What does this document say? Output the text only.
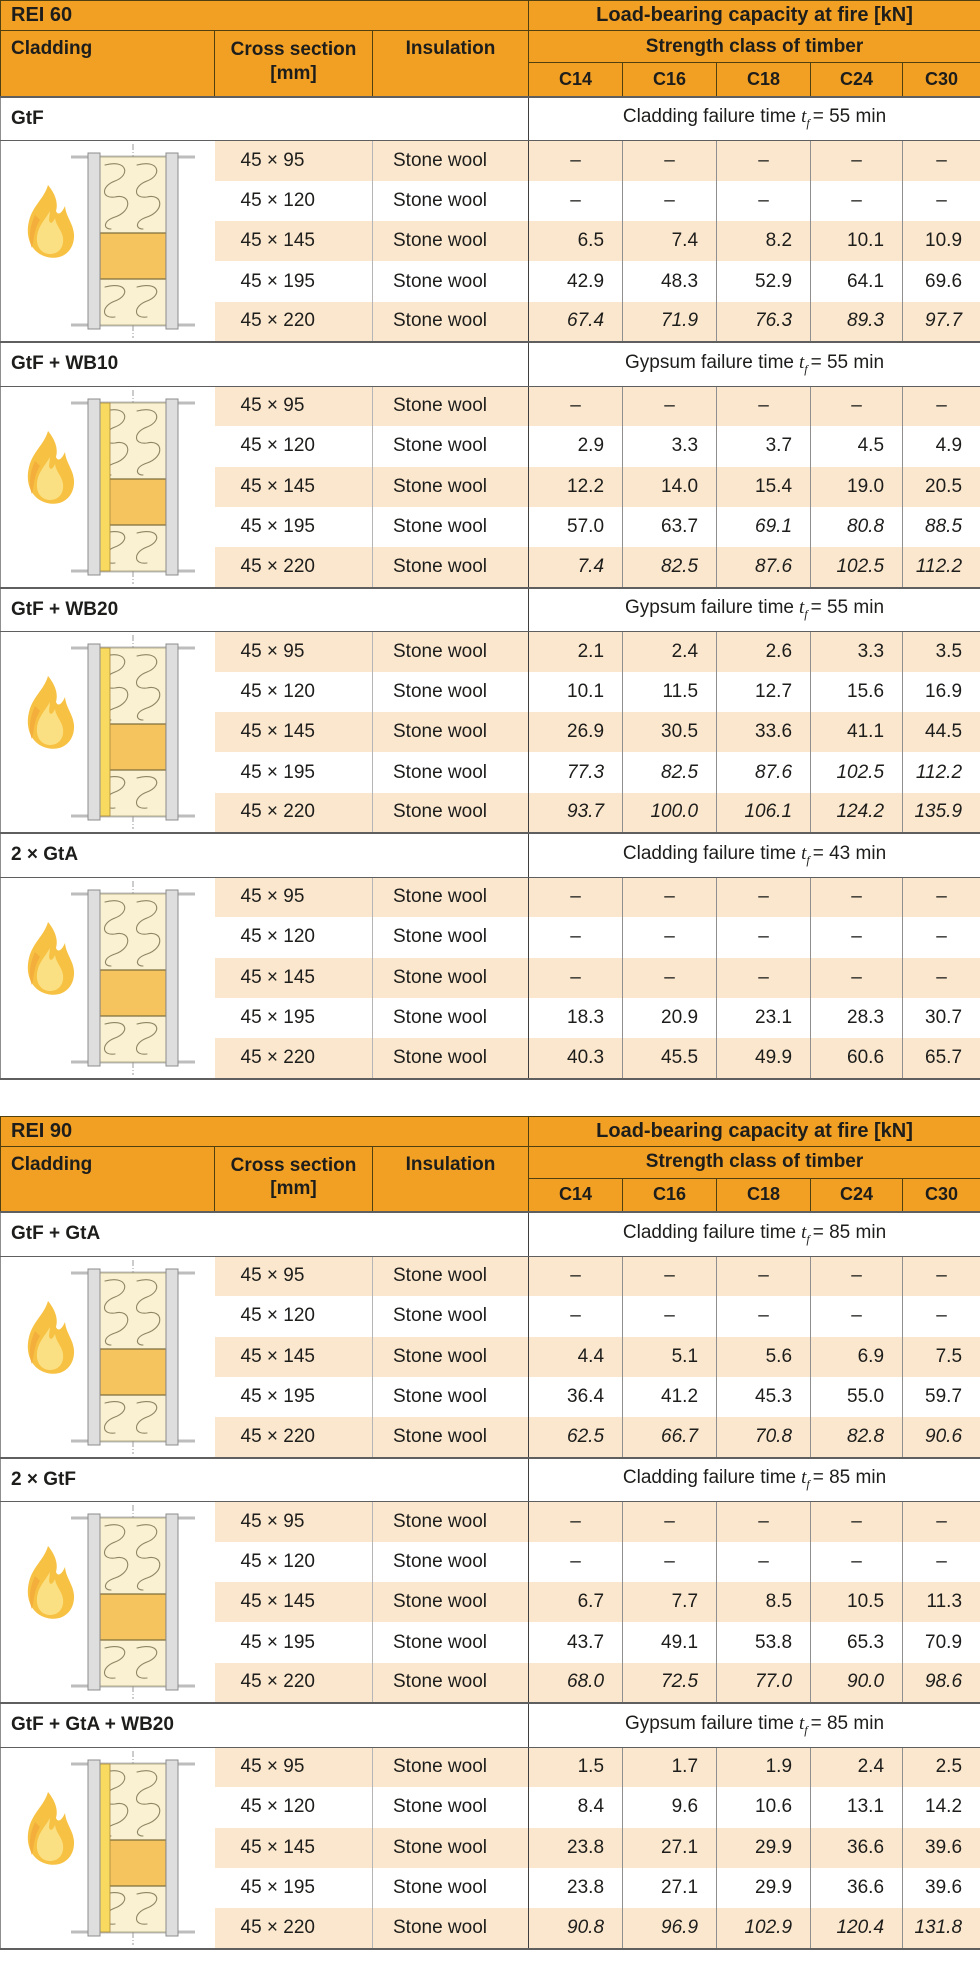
REI 60			Load-bearing capacity at fire [kN]				
Cladding	Cross section [mm]	Insulation	Strength class of timber				
			C14	C16	C18	C24	C30
GtF			Cladding failure time $t_f = 55$ min				

	45 × 95	Stone wool	–	–	–	–	–
	45 × 120	Stone wool	–	–	–	–	–
	45 × 145	Stone wool	6.5	7.4	8.2	10.1	10.9
	45 × 195	Stone wool	42.9	48.3	52.9	64.1	69.6
	45 × 220	Stone wool	67.4	71.9	76.3	89.3	97.7
GtF + WB10			Gypsum failure time $t_f = 55$ min				

	45 × 95	Stone wool	–	–	–	–	–
	45 × 120	Stone wool	2.9	3.3	3.7	4.5	4.9
	45 × 145	Stone wool	12.2	14.0	15.4	19.0	20.5
	45 × 195	Stone wool	57.0	63.7	69.1	80.8	88.5
	45 × 220	Stone wool	7.4	82.5	87.6	102.5	112.2
GtF + WB20			Gypsum failure time $t_f = 55$ min				

	45 × 95	Stone wool	2.1	2.4	2.6	3.3	3.5
	45 × 120	Stone wool	10.1	11.5	12.7	15.6	16.9
	45 × 145	Stone wool	26.9	30.5	33.6	41.1	44.5
	45 × 195	Stone wool	77.3	82.5	87.6	102.5	112.2
	45 × 220	Stone wool	93.7	100.0	106.1	124.2	135.9
2 × GtA			Cladding failure time $t_f = 43$ min				

	45 × 95	Stone wool	–	–	–	–	–
	45 × 120	Stone wool	–	–	–	–	–
	45 × 145	Stone wool	–	–	–	–	–
	45 × 195	Stone wool	18.3	20.9	23.1	28.3	30.7
	45 × 220	Stone wool	40.3	45.5	49.9	60.6	65.7
REI 90			Load-bearing capacity at fire [kN]				
Cladding	Cross section [mm]	Insulation	Strength class of timber				
			C14	C16	C18	C24	C30
GtF + GtA			Cladding failure time $t_f = 85$ min				

	45 × 95	Stone wool	–	–	–	–	–
	45 × 120	Stone wool	–	–	–	–	–
	45 × 145	Stone wool	4.4	5.1	5.6	6.9	7.5
	45 × 195	Stone wool	36.4	41.2	45.3	55.0	59.7
	45 × 220	Stone wool	62.5	66.7	70.8	82.8	90.6
2 × GtF			Cladding failure time $t_f = 85$ min				

	45 × 95	Stone wool	–	–	–	–	–
	45 × 120	Stone wool	–	–	–	–	–
	45 × 145	Stone wool	6.7	7.7	8.5	10.5	11.3
	45 × 195	Stone wool	43.7	49.1	53.8	65.3	70.9
	45 × 220	Stone wool	68.0	72.5	77.0	90.0	98.6
GtF + GtA + WB20			Gypsum failure time $t_f = 85$ min				

	45 × 95	Stone wool	1.5	1.7	1.9	2.4	2.5
	45 × 120	Stone wool	8.4	9.6	10.6	13.1	14.2
	45 × 145	Stone wool	23.8	27.1	29.9	36.6	39.6
	45 × 195	Stone wool	23.8	27.1	29.9	36.6	39.6
	45 × 220	Stone wool	90.8	96.9	102.9	120.4	131.8
